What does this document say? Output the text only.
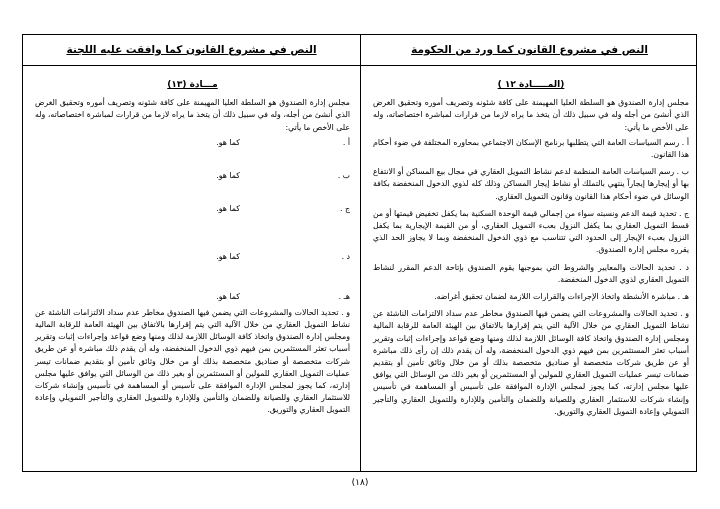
النص في مشروع القانون كما ورد من الحكومة
النص في مشروع القانون كما وافقت عليه اللجنة
(المـــــادة ١٢ )

مجلس إدارة الصندوق هو السلطة العليا المهيمنة على كافة شئونه وتصريف أموره وتحقيق الغرض الذي أنشئ من أجله وله في سبيل ذلك أن يتخذ ما يراه لازما من قرارات لمباشرة اختصاصاته، وله على الأخص ما يأتي:

أ . رسم السياسات العامة التي يتطلبها برنامج الإسكان الاجتماعي بمحاوره المختلفة في ضوء أحكام هذا القانون.

ب . رسم السياسات العامة المنظمة لدعم نشاط التمويل العقاري في مجال بيع المساكن أو الانتفاع بها أو إيجارها إيجاراً ينتهي بالتملك أو نشاط إيجار المساكن وذلك كله لذوي الدخول المنخفضة بكافة الوسائل في ضوء أحكام هذا القانون وقانون التمويل العقاري.

ج . تحديد قيمة الدعم ونسبته سواء من إجمالي قيمة الوحدة السكنية بما يكفل تخفيض قيمتها أو من قسط التمويل العقاري بما يكفل النزول بعبء التمويل العقاري، أو من القيمة الإيجارية بما يكفل النزول بعبء الإيجار إلى الحدود التي تتناسب مع ذوي الدخول المنخفضة وبما لا يجاوز الحد الذي يقرره مجلس إدارة الصندوق.

د . تحديد الحالات والمعايير والشروط التي بموجبها يقوم الصندوق بإتاحة الدعم المقرر لنشاط التمويل العقاري لذوي الدخول المنخفضة.

هـ . مباشرة الأنشطة واتخاذ الإجراءات والقرارات اللازمة لضمان تحقيق أغراضه.

و . تحديد الحالات والمشروعات التي يضمن فيها الصندوق مخاطر عدم سداد الالتزامات الناشئة عن نشاط التمويل العقاري من خلال الآلية التي يتم إقرارها بالاتفاق بين الهيئة العامة للرقابة المالية ومجلس إدارة الصندوق واتخاذ كافة الوسائل اللازمة لذلك ومنها وضع قواعد وإجراءات إثبات وتقرير أسباب تعثر المستثمرين بمن فيهم ذوي الدخول المنخفضة، وله أن يقدم ذلك إن رأى ذلك مباشرة أو عن طريق شركات متخصصة أو صناديق متخصصة بذلك أو من خلال وثائق تأمين أو بتقديم ضمانات تيسر عمليات التمويل العقاري للمولين أو المستثمرين أو بغير ذلك من الوسائل التي يوافق عليها مجلس إدارته، كما يجوز لمجلس الإدارة الموافقة على تأسيس أو المساهمة في تأسيس وإنشاء شركات للاستثمار العقاري وللصيانة وللضمان والتأمين وللإدارة وللتمويل العقاري والتأجير التمويلي وإعادة التمويل العقاري والتوريق.

مـــادة (١٣)

مجلس إدارة الصندوق هو السلطة العليا المهيمنة على كافة شئونه وتصريف أموره وتحقيق الغرض الذي أنشئ من أجله، وله في سبيل ذلك أن يتخذ ما يراه لازما من قرارات لمباشرة اختصاصاته، وله على الأخص ما يأتي:

أ .
كما هو.
ب .
كما هو.
ج .
كما هو.
د .
كما هو.
هـ .
كما هو.

و . تحديد الحالات والمشروعات التي يضمن فيها الصندوق مخاطر عدم سداد الالتزامات الناشئة عن نشاط التمويل العقاري من خلال الآلية التي يتم إقرارها بالاتفاق بين الهيئة العامة للرقابة المالية ومجلس إدارة الصندوق واتخاذ كافة الوسائل اللازمة لذلك ومنها وضع قواعد وإجراءات إثبات وتقرير أسباب تعثر المستثمرين بمن فيهم ذوي الدخول المنخفضة، وله أن يقدم ذلك مباشرة أو عن طريق شركات متخصصة أو صناديق متخصصة بذلك أو من خلال وثائق تأمين أو بتقديم ضمانات تيسر عمليات التمويل العقاري للمولين أو المستثمرين أو بغير ذلك من الوسائل التي يوافق عليها مجلس إدارته، كما يجوز لمجلس الإدارة الموافقة على تأسيس أو المساهمة في تأسيس وإنشاء شركات للاستثمار العقاري وللصيانة وللضمان والتأمين وللإدارة وللتمويل العقاري والتأجير التمويلي وإعادة التمويل العقاري والتوريق.

(١٨)
